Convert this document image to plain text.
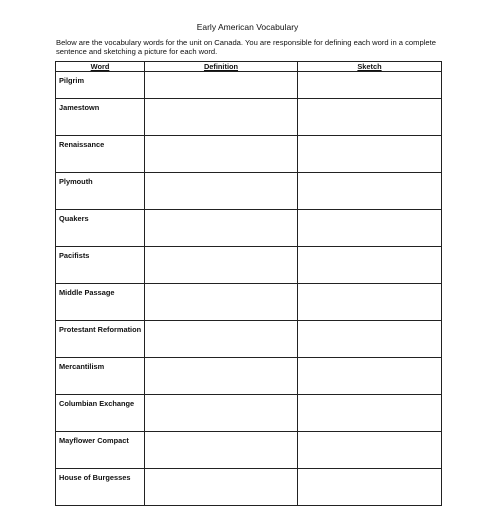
Early American Vocabulary
Below are the vocabulary words for the unit on Canada. You are responsible for defining each word in a complete sentence and sketching a picture for each word.
Word	Definition	Sketch
Pilgrim		
Jamestown		
Renaissance		
Plymouth		
Quakers		
Pacifists		
Middle Passage		
Protestant Reformation		
Mercantilism		
Columbian Exchange		
Mayflower Compact		
House of Burgesses		
